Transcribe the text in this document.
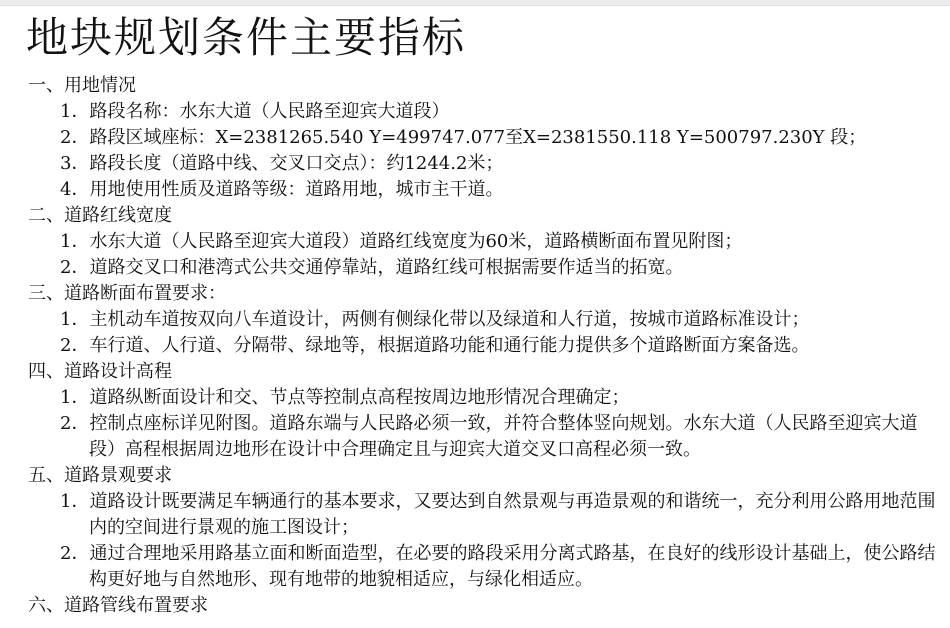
地块规划条件主要指标
一、用地情况
1．路段名称：水东大道（人民路至迎宾大道段）
2．路段区域座标：X=2381265.540 Y=499747.077至X=2381550.118 Y=500797.230Y 段；
3．路段长度（道路中线、交叉口交点）：约1244.2米；
4．用地使用性质及道路等级：道路用地，城市主干道。
二、道路红线宽度
1．水东大道（人民路至迎宾大道段）道路红线宽度为60米，道路横断面布置见附图；
2．道路交叉口和港湾式公共交通停靠站，道路红线可根据需要作适当的拓宽。
三、道路断面布置要求：
1．主机动车道按双向八车道设计，两侧有侧绿化带以及绿道和人行道，按城市道路标准设计；
2．车行道、人行道、分隔带、绿地等，根据道路功能和通行能力提供多个道路断面方案备选。
四、道路设计高程
1．道路纵断面设计和交、节点等控制点高程按周边地形情况合理确定；
2．控制点座标详见附图。道路东端与人民路必须一致，并符合整体竖向规划。水东大道（人民路至迎宾大道段）高程根据周边地形在设计中合理确定且与迎宾大道交叉口高程必须一致。
五、道路景观要求
1．道路设计既要满足车辆通行的基本要求，又要达到自然景观与再造景观的和谐统一，充分利用公路用地范围内的空间进行景观的施工图设计；
2．通过合理地采用路基立面和断面造型，在必要的路段采用分离式路基，在良好的线形设计基础上，使公路结构更好地与自然地形、现有地带的地貌相适应，与绿化相适应。
六、道路管线布置要求
